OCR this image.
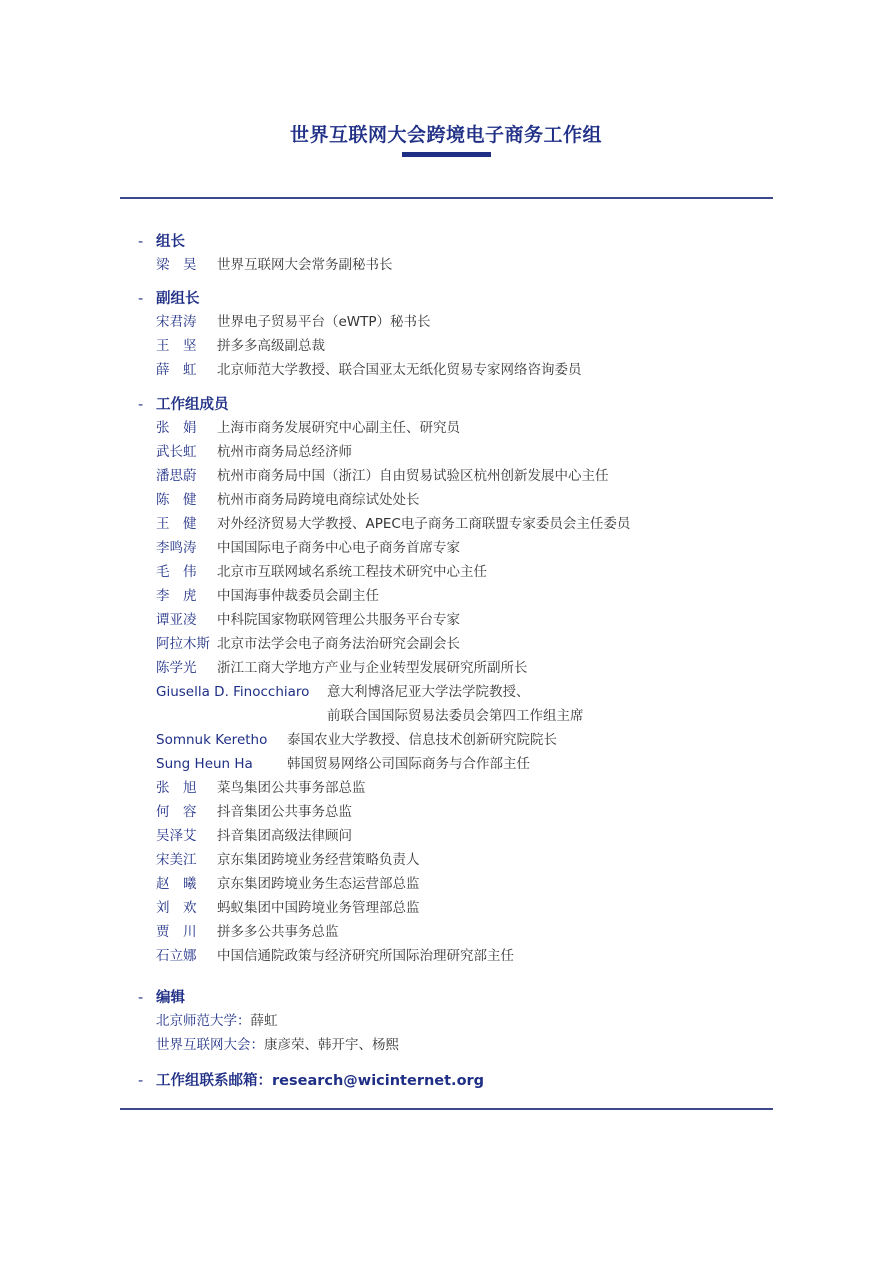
世界互联网大会跨境电子商务工作组
- 组长
梁　昊 世界互联网大会常务副秘书长
- 副组长
宋君涛 世界电子贸易平台（eWTP）秘书长
王　坚 拼多多高级副总裁
薛　虹 北京师范大学教授、联合国亚太无纸化贸易专家网络咨询委员
- 工作组成员
张　娟 上海市商务发展研究中心副主任、研究员
武长虹 杭州市商务局总经济师
潘思蔚 杭州市商务局中国（浙江）自由贸易试验区杭州创新发展中心主任
陈　健 杭州市商务局跨境电商综试处处长
王　健 对外经济贸易大学教授、APEC电子商务工商联盟专家委员会主任委员
李鸣涛 中国国际电子商务中心电子商务首席专家
毛　伟 北京市互联网域名系统工程技术研究中心主任
李　虎 中国海事仲裁委员会副主任
谭亚凌 中科院国家物联网管理公共服务平台专家
阿拉木斯 北京市法学会电子商务法治研究会副会长
陈学光 浙江工商大学地方产业与企业转型发展研究所副所长
Giusella D. Finocchiaro 意大利博洛尼亚大学法学院教授、
前联合国国际贸易法委员会第四工作组主席
Somnuk Keretho 泰国农业大学教授、信息技术创新研究院院长
Sung Heun Ha	韩国贸易网络公司国际商务与合作部主任
张　旭 菜鸟集团公共事务部总监
何　容 抖音集团公共事务总监
吴泽艾 抖音集团高级法律顾问
宋美江 京东集团跨境业务经营策略负责人
赵　曦 京东集团跨境业务生态运营部总监
刘　欢 蚂蚁集团中国跨境业务管理部总监
贾　川 拼多多公共事务总监
石立娜 中国信通院政策与经济研究所国际治理研究部主任
- 编辑
北京师范大学：薛虹
世界互联网大会：康彦荣、韩开宇、杨熙
- 工作组联系邮箱：research@wicinternet.org
